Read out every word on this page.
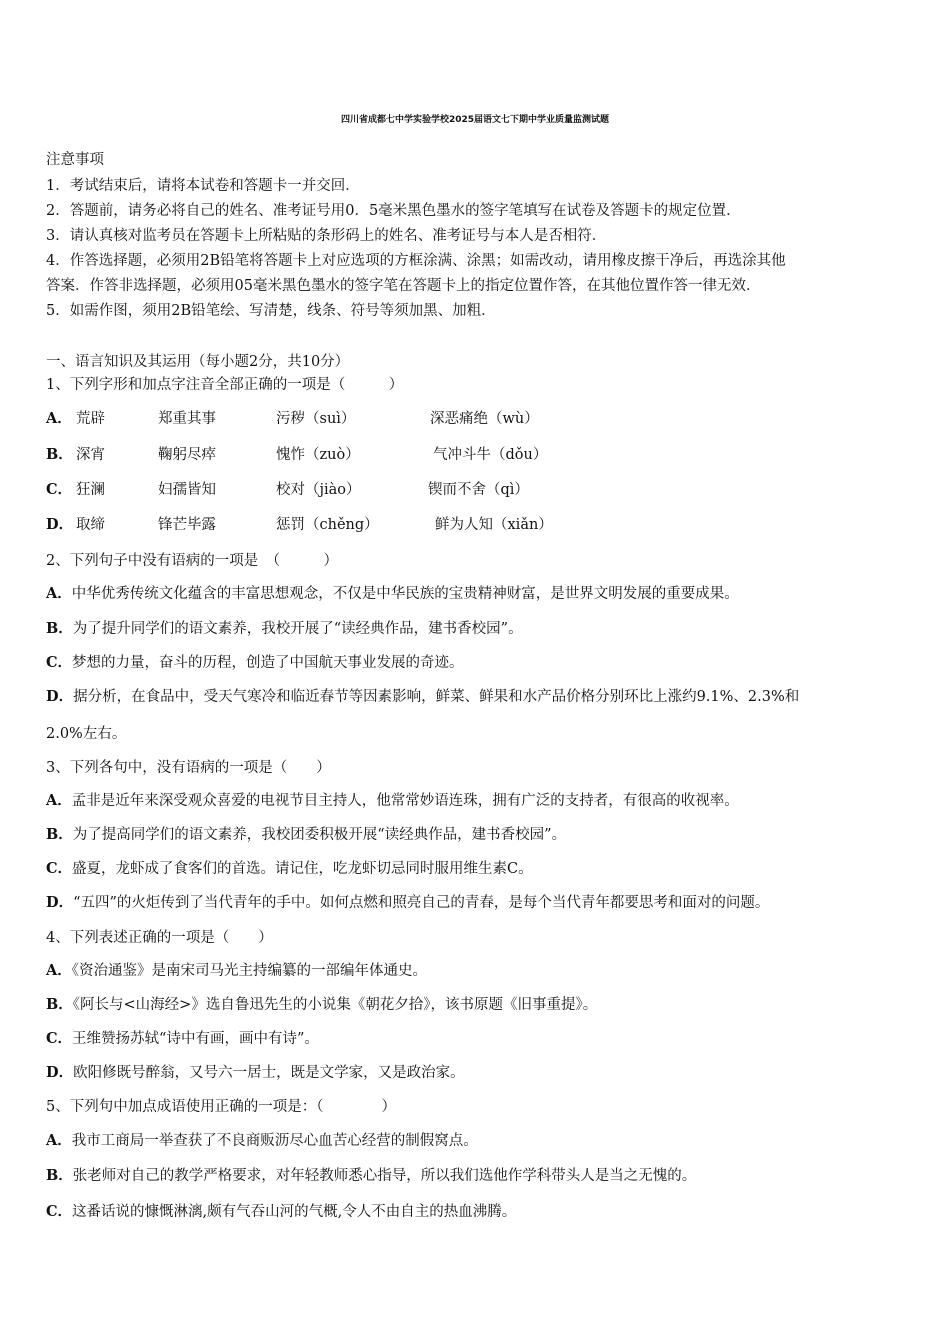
四川省成都七中学实验学校2025届语文七下期中学业质量监测试题
注意事项
1．考试结束后，请将本试卷和答题卡一并交回．
2．答题前，请务必将自己的姓名、准考证号用0．5毫米黑色墨水的签字笔填写在试卷及答题卡的规定位置．
3．请认真核对监考员在答题卡上所粘贴的条形码上的姓名、准考证号与本人是否相符．
4．作答选择题，必须用2B铅笔将答题卡上对应选项的方框涂满、涂黑；如需改动，请用橡皮擦干净后，再选涂其他
答案．作答非选择题，必须用05毫米黑色墨水的签字笔在答题卡上的指定位置作答，在其他位置作答一律无效．
5．如需作图，须用2B铅笔绘、写清楚，线条、符号等须加黑、加粗．
一、语言知识及其运用（每小题2分，共10分）
1、下列字形和加点字注音全部正确的一项是（　　　）
A． 荒辟	郑重其事	污秽（suì）	深恶痛绝（wù）
B． 深宵	鞠躬尽瘁	愧怍（zuò）	气冲斗牛（dǒu）
C． 狂澜	妇孺皆知	校对（jiào）	锲而不舍（qì）
D． 取缔	锋芒毕露	惩罚（chěng）	鲜为人知（xiǎn）
2、下列句子中没有语病的一项是　（　　　）
A．中华优秀传统文化蕴含的丰富思想观念，不仅是中华民族的宝贵精神财富，是世界文明发展的重要成果。
B．为了提升同学们的语文素养，我校开展了“读经典作品，建书香校园”。
C．梦想的力量，奋斗的历程，创造了中国航天事业发展的奇迹。
D．据分析，在食品中，受天气寒冷和临近春节等因素影响，鲜菜、鲜果和水产品价格分别环比上涨约9.1%、2.3%和
2.0%左右。
3、下列各句中，没有语病的一项是（　　）
A．孟非是近年来深受观众喜爱的电视节目主持人，他常常妙语连珠，拥有广泛的支持者，有很高的收视率。
B．为了提高同学们的语文素养，我校团委积极开展“读经典作品，建书香校园”。
C．盛夏，龙虾成了食客们的首选。请记住，吃龙虾切忌同时服用维生素C。
D．“五四”的火炬传到了当代青年的手中。如何点燃和照亮自己的青春，是每个当代青年都要思考和面对的问题。
4、下列表述正确的一项是（　　）
A．《资治通鉴》是南宋司马光主持编纂的一部编年体通史。
B．《阿长与<山海经>》选自鲁迅先生的小说集《朝花夕拾》，该书原题《旧事重提》。
C．王维赞扬苏轼“诗中有画，画中有诗”。
D．欧阳修既号醉翁，又号六一居士，既是文学家，又是政治家。
5、下列句中加点成语使用正确的一项是：（　　　　）
A．我市工商局一举查获了不良商贩沥尽心血苦心经营的制假窝点。
B．张老师对自己的教学严格要求，对年轻教师悉心指导，所以我们选他作学科带头人是当之无愧的。
C．这番话说的慷慨淋漓,颇有气吞山河的气概,令人不由自主的热血沸腾。
